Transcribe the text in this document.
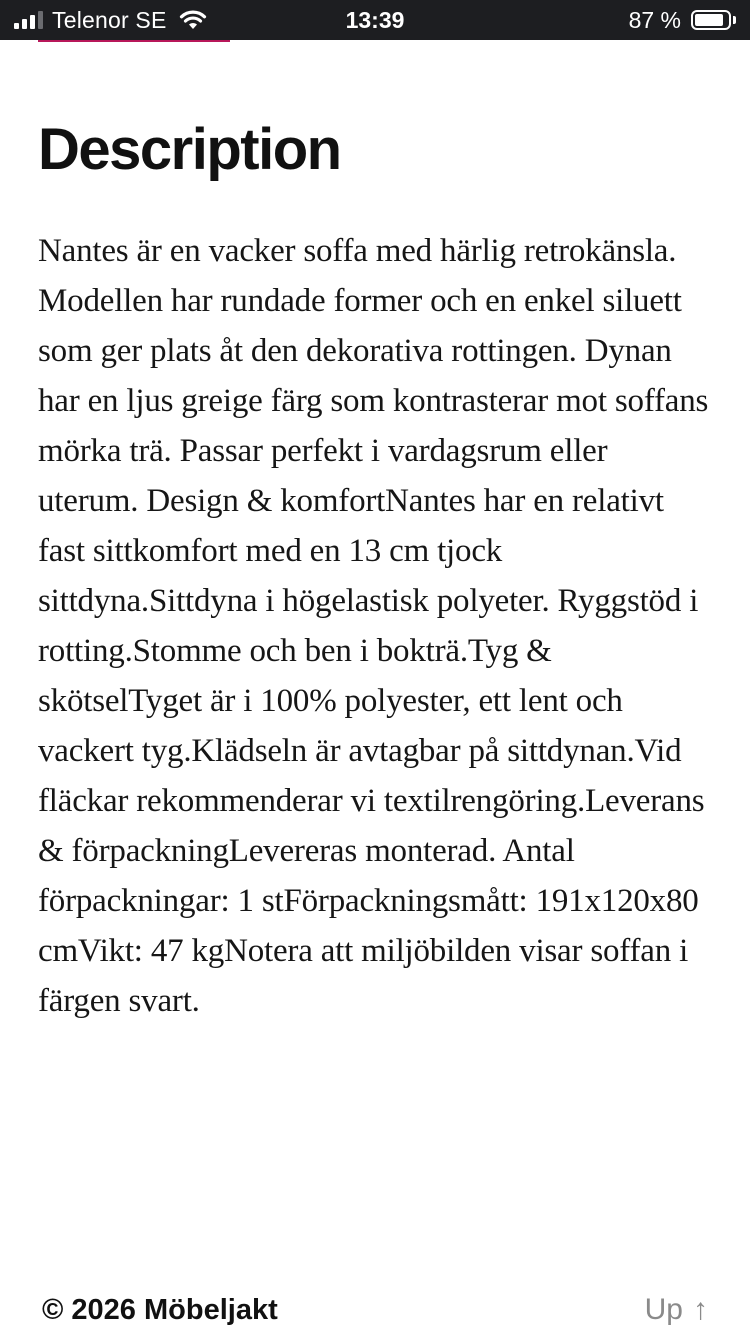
Telenor SE	13:39	87 %
Description

Nantes är en vacker soffa med härlig retrokänsla. Modellen har rundade former och en enkel siluett som ger plats åt den dekorativa rottingen. Dynan har en ljus greige färg som kontrasterar mot soffans mörka trä. Passar perfekt i vardagsrum eller uterum. Design & komfortNantes har en relativt fast sittkomfort med en 13 cm tjock sittdyna.Sittdyna i högelastisk polyeter. Ryggstöd i rotting.Stomme och ben i bokträ.Tyg & skötselTyget är i 100% polyester, ett lent och vackert tyg.Klädseln är avtagbar på sittdynan.Vid fläckar rekommenderar vi textilrengöring.Leverans & förpackningLevereras monterad. Antal förpackningar: 1 stFörpackningsmått: 191x120x80 cmVikt: 47 kgNotera att miljöbilden visar soffan i färgen svart.

© 2026 Möbeljakt	Up ↑
